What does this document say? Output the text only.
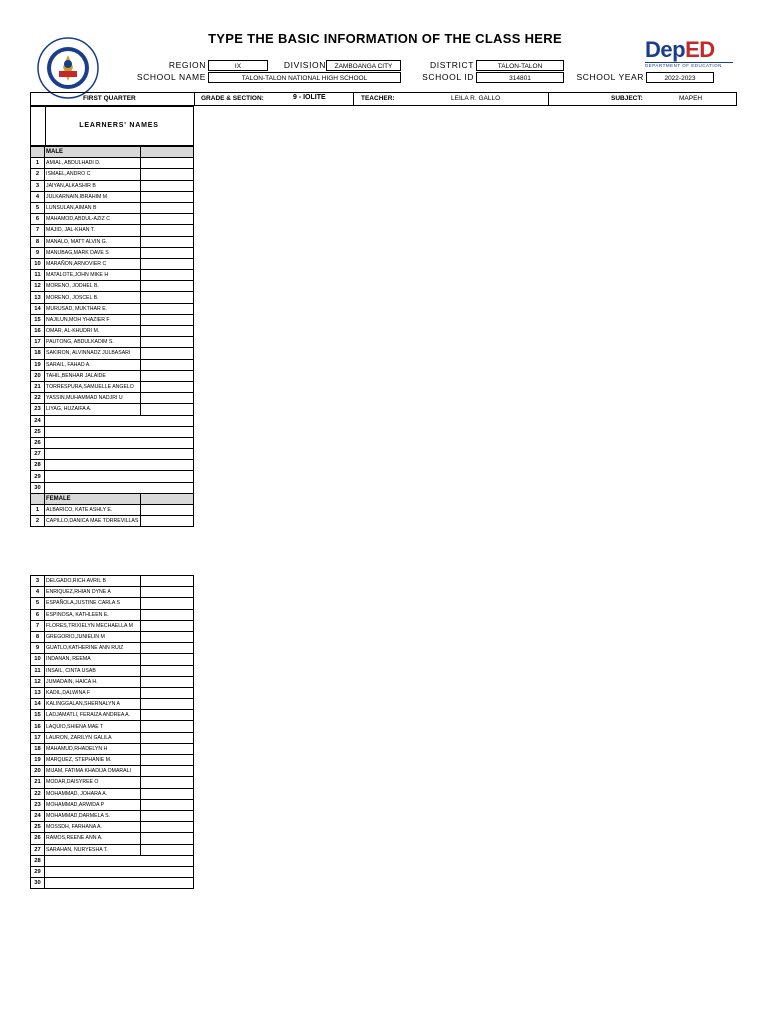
DepED
DEPARTMENT OF EDUCATION
TYPE THE BASIC INFORMATION OF THE CLASS HERE
REGION	IX	DIVISION	ZAMBOANGA CITY	DISTRICT	TALON-TALON
SCHOOL NAME	TALON-TALON NATIONAL HIGH SCHOOL	SCHOOL ID	314801	SCHOOL YEAR	2022-2023
FIRST QUARTER	GRADE & SECTION:	9 - IOLITE	TEACHER:	LEILA R. GALLO	SUBJECT:	MAPEH
LEARNERS' NAMES
	MALE	
1	AMIAL, ABDULHADI D.	
2	ISMAEL,ANDRO C	
3	JAIYAN,ALKASHIR B	
4	JULKARNAIN,IBRAHIM M	
5	LUNSULAN,AIMAN B	
6	MAHAMOD,ABDUL-AZIZ C	
7	MAJID, JAL-KHAN T.	
8	MANALO, MATT ALVIN G.	
9	MANUBAG,MARK DAVE S	
10	MARAÑON,ARNOVIER C	
11	MATALOTE,JOHN MIKE H	
12	MORENO, JODHEL B.	
13	MORENO, JOSCEL B.	
14	MURUSAD, MUKTHAR E.	
15	NAJILUN,MOH YHAZIER F	
16	OMAR, AL-KHUDRI M.	
17	PAUTONG, ABDULKADIM S.	
18	SAKIRON, ALVINNADZ JULBASARI	
19	SARAIL, FAHAD A.	
20	TAHIL,BENHAR JALAIDE	
21	TORRESPURA,SAMUELLE ANGELO	
22	YASSIN,MUHAMMAD NADJRI U	
23	LIYAG, HUZAIFA A.	
24		
25		
26		
27		
28		
29		
30		
	FEMALE	
1	ALBARICO, KATE ASHLY E.	
2	CAPILLO,DANICA MAE TORREVILLAS	
3	DELGADO,RICH AVRIL B	
4	ENRIQUEZ,RHIAN DYNE A	
5	ESPAÑOLA,JUSTINE CARLA S	
6	ESPINOSA, KATHLEEN E.	
7	FLORES,TRIXIELYN MECHAELLA M	
8	GREGORIO,JUNIELIN M	
9	GUATLO,KATHERINE ANN RUIZ	
10	INDANAN, REEMA	
11	INSAIL, CINTA USAB	
12	JUMADAIN, HAICA H.	
13	KADIL,DALWINA F	
14	KALINGGALAN,SHERNALYN A	
15	LADJAMATLI, FERAIZA ANDREA A.	
16	LAQUIO,SHIENA MAE T	
17	LAURON, ZARILYN GALILA	
18	MAHAMUD,RHADELYN H	
19	MARQUEZ, STEPHANIE M.	
20	MIJAM, FATIMA KHADIJA OMARALI	
21	MODAR,DAISYREE O	
22	MOHAMMAD, JOHARA A.	
23	MOHAMMAD,ARWIDA P	
24	MOHAMMAD,DARMELA S.	
25	MOSSDH, FARHANA A.	
26	RAMOS,REENE ANN A.	
27	SARAHAN, NURYESHA T.	
28		
29		
30		
